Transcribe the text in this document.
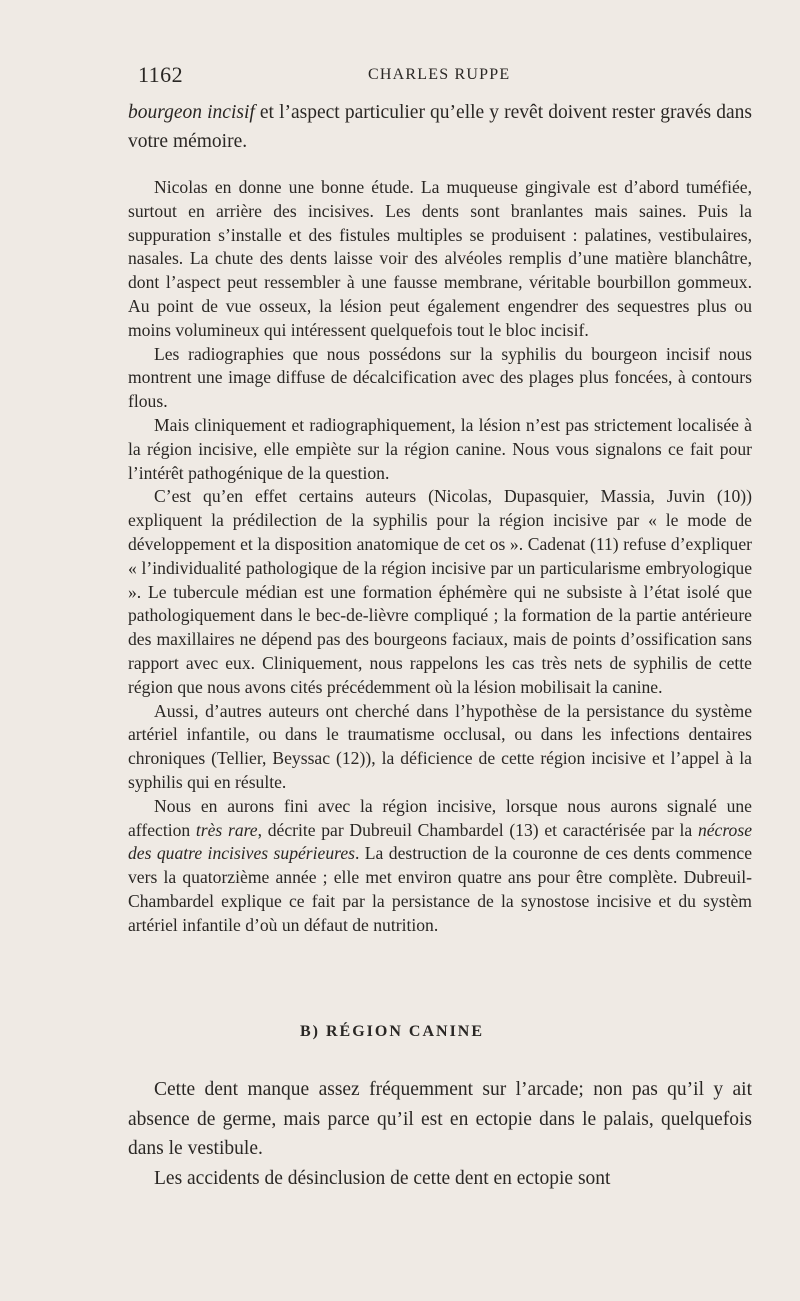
1162	CHARLES RUPPE
bourgeon incisif et l’aspect particulier qu’elle y revêt doivent rester gravés dans votre mémoire.

Nicolas en donne une bonne étude. La muqueuse gingivale est d’abord tuméfiée, surtout en arrière des incisives. Les dents sont branlantes mais saines. Puis la suppuration s’installe et des fistules multiples se produisent : palatines, vestibulaires, nasales. La chute des dents laisse voir des alvéoles remplis d’une matière blanchâtre, dont l’aspect peut ressembler à une fausse membrane, véritable bourbillon gommeux. Au point de vue osseux, la lésion peut également engendrer des sequestres plus ou moins volumineux qui intéressent quelquefois tout le bloc incisif.

Les radiographies que nous possédons sur la syphilis du bourgeon incisif nous montrent une image diffuse de décalcification avec des plages plus foncées, à contours flous.

Mais cliniquement et radiographiquement, la lésion n’est pas strictement localisée à la région incisive, elle empiète sur la région canine. Nous vous signalons ce fait pour l’intérêt pathogénique de la question.

C’est qu’en effet certains auteurs (Nicolas, Dupasquier, Massia, Juvin (10)) expliquent la prédilection de la syphilis pour la région incisive par « le mode de développement et la disposition anatomique de cet os ». Cadenat (11) refuse d’expliquer « l’individualité pathologique de la région incisive par un particularisme embryologique ». Le tubercule médian est une formation éphémère qui ne subsiste à l’état isolé que pathologiquement dans le bec-de-lièvre compliqué ; la formation de la partie antérieure des maxillaires ne dépend pas des bourgeons faciaux, mais de points d’ossification sans rapport avec eux. Cliniquement, nous rappelons les cas très nets de syphilis de cette région que nous avons cités précédemment où la lésion mobilisait la canine.

Aussi, d’autres auteurs ont cherché dans l’hypothèse de la persistance du système artériel infantile, ou dans le traumatisme occlusal, ou dans les infections dentaires chroniques (Tellier, Beyssac (12)), la déficience de cette région incisive et l’appel à la syphilis qui en résulte.

Nous en aurons fini avec la région incisive, lorsque nous aurons signalé une affection très rare, décrite par Dubreuil Chambardel (13) et caractérisée par la nécrose des quatre incisives supérieures. La destruction de la couronne de ces dents commence vers la quatorzième année ; elle met environ quatre ans pour être complète. Dubreuil-Chambardel explique ce fait par la persistance de la synostose incisive et du systèm artériel infantile d’où un défaut de nutrition.

B) RÉGION CANINE

Cette dent manque assez fréquemment sur l’arcade; non pas qu’il y ait absence de germe, mais parce qu’il est en ectopie dans le palais, quelquefois dans le vestibule.

Les accidents de désinclusion de cette dent en ectopie sont
